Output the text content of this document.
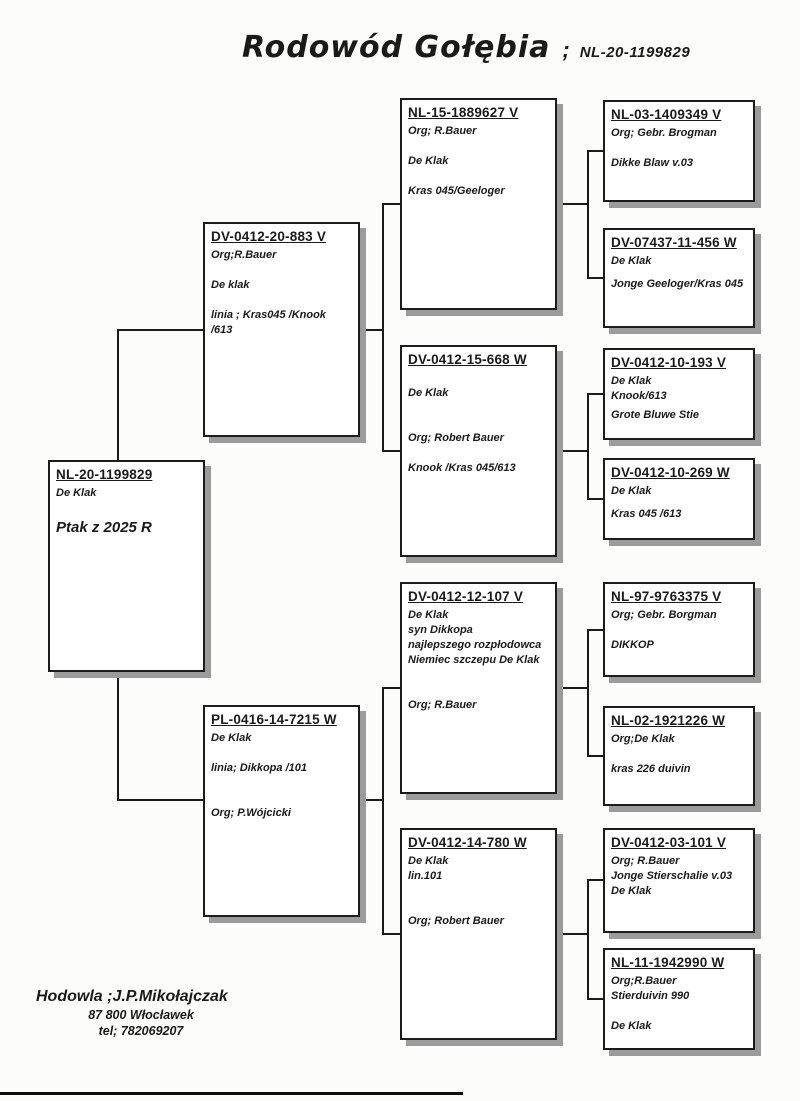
Rodowód Gołębia ; NL-20-1199829
NL-20-1199829
De Klak
Ptak z 2025 R
DV-0412-20-883 V
Org;R.Bauer
De klak
linia ; Kras045 /Knook
/613
PL-0416-14-7215 W
De Klak
linia; Dikkopa /101
Org; P.Wójcicki
NL-15-1889627 V
Org; R.Bauer
De Klak
Kras 045/Geeloger
DV-0412-15-668 W
De Klak
Org; Robert Bauer
Knook /Kras 045/613
DV-0412-12-107 V
De Klak
syn Dikkopa
najlepszego rozpłodowca
Niemiec szczepu De Klak
Org; R.Bauer
DV-0412-14-780 W
De Klak
lin.101
Org; Robert Bauer
NL-03-1409349 V
Org; Gebr. Brogman
Dikke Blaw v.03
DV-07437-11-456 W
De Klak
Jonge Geeloger/Kras 045
DV-0412-10-193 V
De Klak
Knook/613
Grote Bluwe Stie
DV-0412-10-269 W
De Klak
Kras 045 /613
NL-97-9763375 V
Org; Gebr. Borgman
DIKKOP
NL-02-1921226 W
Org;De Klak
kras 226 duivin
DV-0412-03-101 V
Org; R.Bauer
Jonge Stierschalie v.03
De Klak
NL-11-1942990 W
Org;R.Bauer
Stierduivin 990
De Klak
Hodowla ;J.P.Mikołajczak
87 800 Włocławek
tel; 782069207
